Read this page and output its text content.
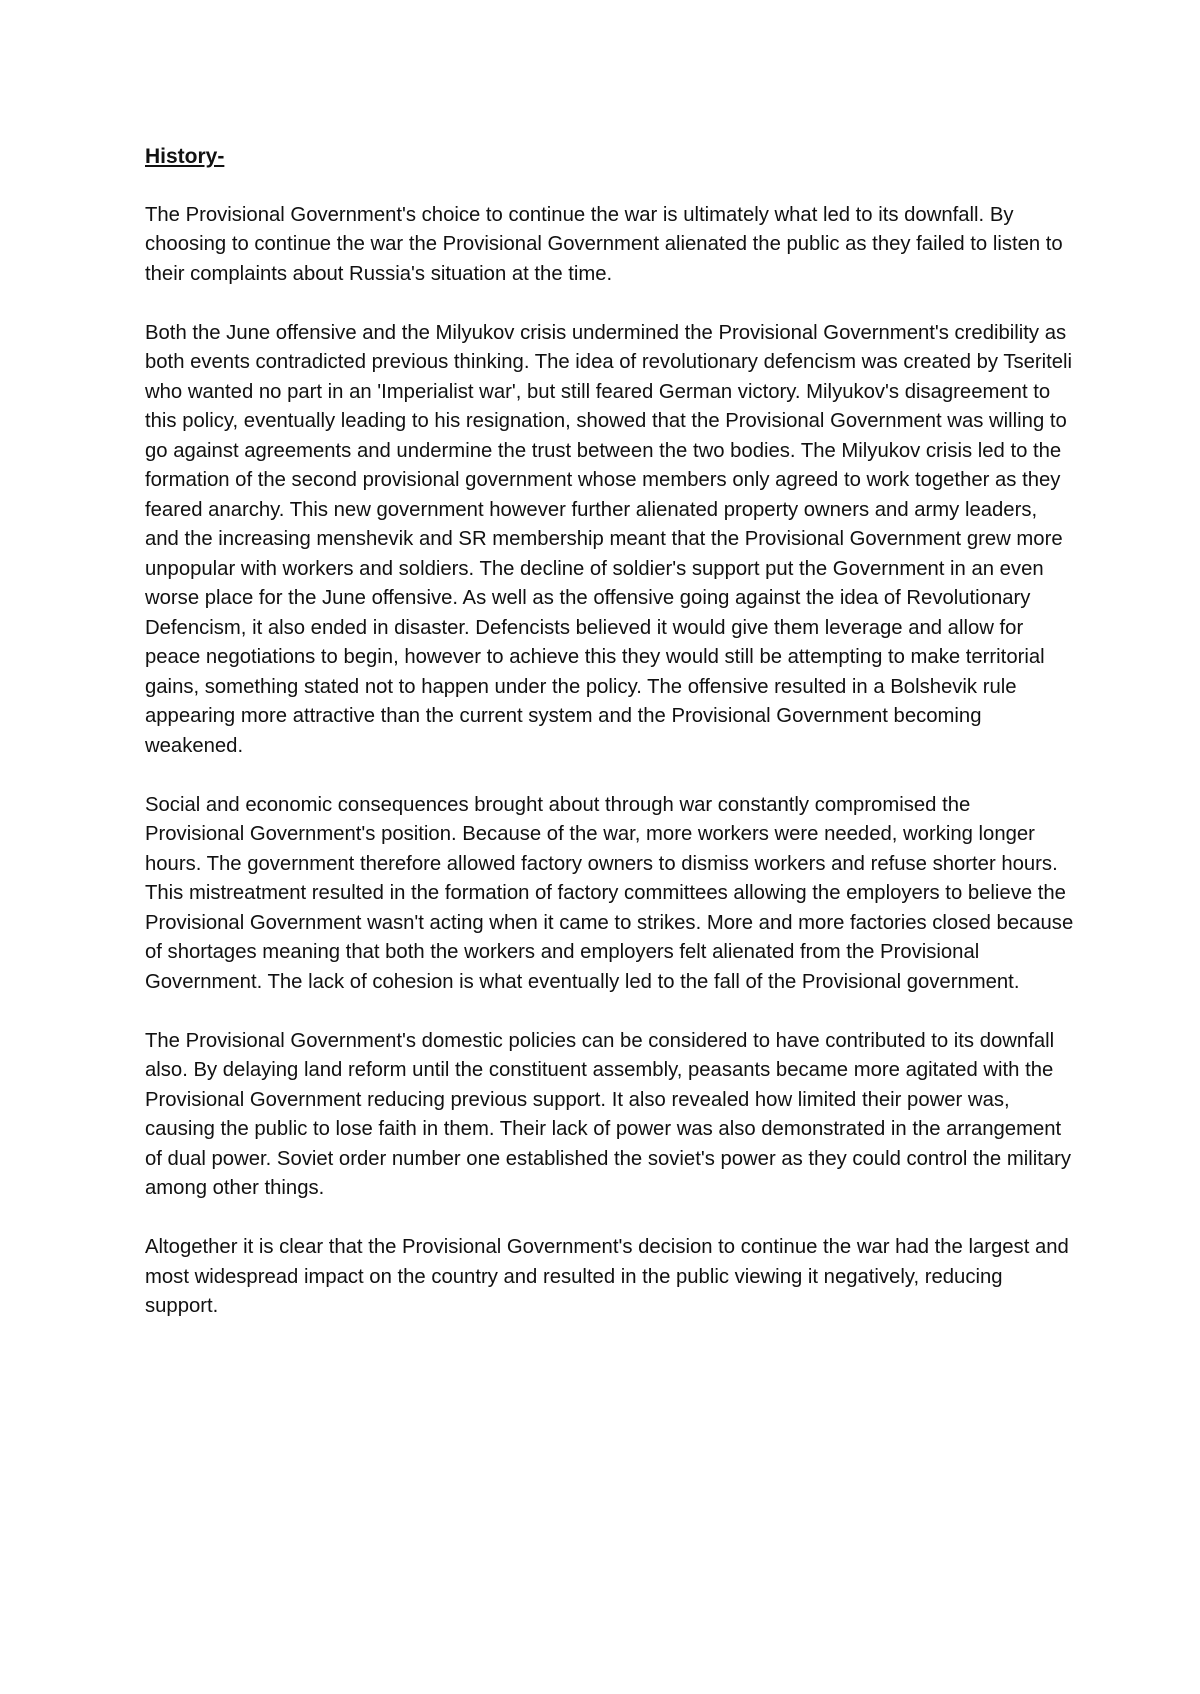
History-

The Provisional Government's choice to continue the war is ultimately what led to its downfall. By choosing to continue the war the Provisional Government alienated the public as they failed to listen to their complaints about Russia's situation at the time.

Both the June offensive and the Milyukov crisis undermined the Provisional Government's credibility as both events contradicted previous thinking. The idea of revolutionary defencism was created by Tseriteli who wanted no part in an 'Imperialist war', but still feared German victory. Milyukov's disagreement to this policy, eventually leading to his resignation, showed that the Provisional Government was willing to go against agreements and undermine the trust between the two bodies. The Milyukov crisis led to the formation of the second provisional government whose members only agreed to work together as they feared anarchy. This new government however further alienated property owners and army leaders, and the increasing menshevik and SR membership meant that the Provisional Government grew more unpopular with workers and soldiers. The decline of soldier's support put the Government in an even worse place for the June offensive. As well as the offensive going against the idea of Revolutionary Defencism, it also ended in disaster. Defencists believed it would give them leverage and allow for peace negotiations to begin, however to achieve this they would still be attempting to make territorial gains, something stated not to happen under the policy. The offensive resulted in a Bolshevik rule appearing more attractive than the current system and the Provisional Government becoming weakened.

Social and economic consequences brought about through war constantly compromised the Provisional Government's position. Because of the war, more workers were needed, working longer hours. The government therefore allowed factory owners to dismiss workers and refuse shorter hours. This mistreatment resulted in the formation of factory committees allowing the employers to believe the Provisional Government wasn't acting when it came to strikes. More and more factories closed because of shortages meaning that both the workers and employers felt alienated from the Provisional Government. The lack of cohesion is what eventually led to the fall of the Provisional government.

The Provisional Government's domestic policies can be considered to have contributed to its downfall also. By delaying land reform until the constituent assembly, peasants became more agitated with the Provisional Government reducing previous support. It also revealed how limited their power was, causing the public to lose faith in them. Their lack of power was also demonstrated in the arrangement of dual power. Soviet order number one established the soviet's power as they could control the military among other things.

Altogether it is clear that the Provisional Government's decision to continue the war had the largest and most widespread impact on the country and resulted in the public viewing it negatively, reducing support.
